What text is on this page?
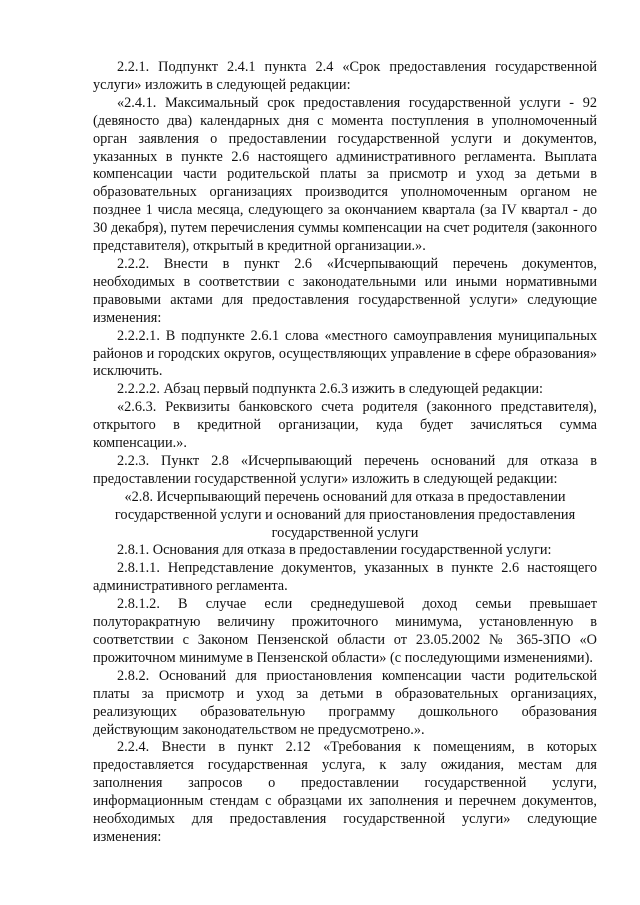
2.2.1. Подпункт 2.4.1 пункта 2.4 «Срок предоставления государственной услуги» изложить в следующей редакции:

«2.4.1. Максимальный срок предоставления государственной услуги - 92 (девяносто два) календарных дня с момента поступления в уполномоченный орган заявления о предоставлении государственной услуги и документов, указанных в пункте 2.6 настоящего административного регламента. Выплата компенсации части родительской платы за присмотр и уход за детьми в образовательных организациях производится уполномоченным органом не позднее 1 числа месяца, следующего за окончанием квартала (за IV квартал - до 30 декабря), путем перечисления суммы компенсации на счет родителя (законного представителя), открытый в кредитной организации.».

2.2.2. Внести в пункт 2.6 «Исчерпывающий перечень документов, необходимых в соответствии с законодательными или иными нормативными правовыми актами для предоставления государственной услуги» следующие изменения:

2.2.2.1. В подпункте 2.6.1 слова «местного самоуправления муниципальных районов и городских округов, осуществляющих управление в сфере образования» исключить.

2.2.2.2. Абзац первый подпункта 2.6.3 изжить в следующей редакции:

«2.6.3. Реквизиты банковского счета родителя (законного представителя), открытого в кредитной организации, куда будет зачисляться сумма компенсации.».

2.2.3. Пункт 2.8 «Исчерпывающий перечень оснований для отказа в предоставлении государственной услуги» изложить в следующей редакции:

«2.8. Исчерпывающий перечень оснований для отказа в предоставлении государственной услуги и оснований для приостановления предоставления государственной услуги

2.8.1. Основания для отказа в предоставлении государственной услуги:

2.8.1.1. Непредставление документов, указанных в пункте 2.6 настоящего административного регламента.

2.8.1.2. В случае если среднедушевой доход семьи превышает полуторакратную величину прожиточного минимума, установленную в соответствии с Законом Пензенской области от 23.05.2002 № 365-ЗПО «О прожиточном минимуме в Пензенской области» (с последующими изменениями).

2.8.2. Оснований для приостановления компенсации части родительской платы за присмотр и уход за детьми в образовательных организациях, реализующих образовательную программу дошкольного образования действующим законодательством не предусмотрено.».

2.2.4. Внести в пункт 2.12 «Требования к помещениям, в которых предоставляется государственная услуга, к залу ожидания, местам для заполнения запросов о предоставлении государственной услуги, информационным стендам с образцами их заполнения и перечнем документов, необходимых для предоставления государственной услуги» следующие изменения:
